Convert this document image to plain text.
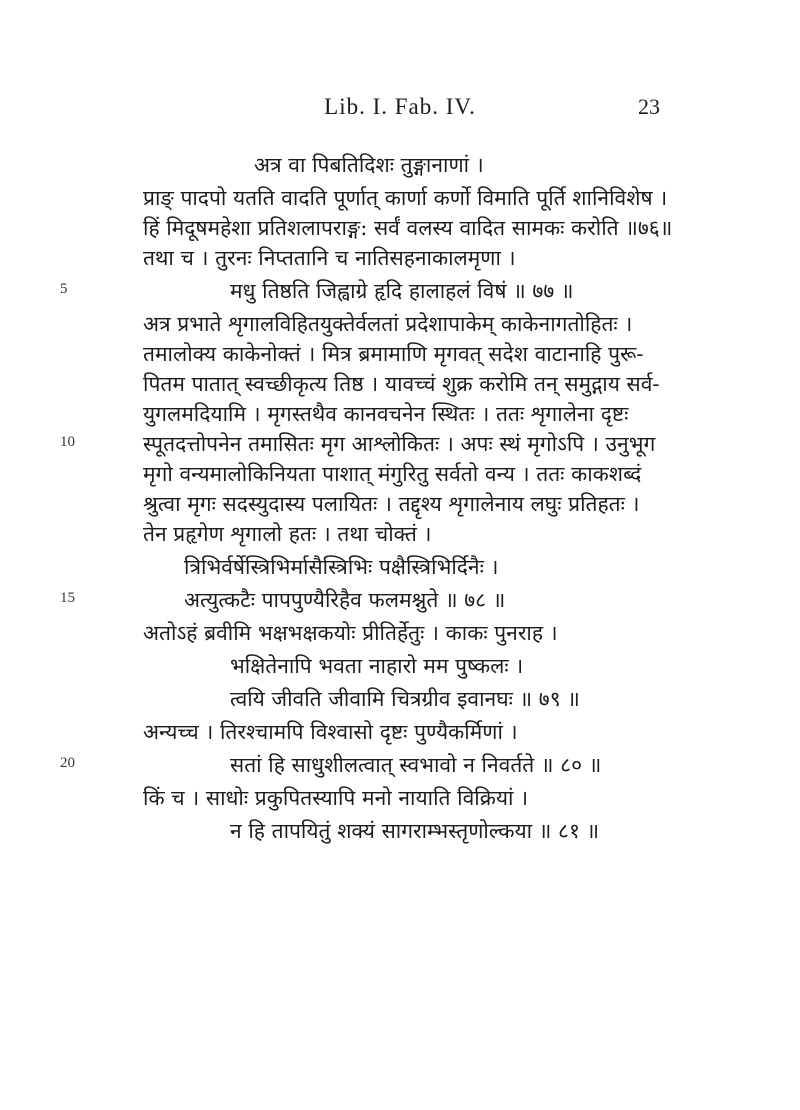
Lib. I. Fab. IV.	23
अत्र वा पिबतिदिशः तुङ्गानाणां ।
प्राङ् पादपो यतति वादति पूर्णात् कार्णा कर्णो विमाति पूर्ति शानिविशेष ।
हिं मिदूषमहेशा प्रतिशलापराङ्ग: सर्वं वलस्य वादित सामकः करोति ॥७६॥
तथा च । तुरनः निप्ततानि च नातिसहनाकालमृणा ।
5	मधु तिष्ठति जिह्वाग्रे हृदि हालाहलं विषं ॥ ७७ ॥
अत्र प्रभाते शृगालविहितयुक्तेर्वलतां प्रदेशापाकेम् काकेनागतोहितः ।
तमालोक्य काकेनोक्तं । मित्र ब्रमामाणि मृगवत् सदेश वाटानाहि पुरू-
पितम पातात् स्वच्छीकृत्य तिष्ठ । यावच्चं शुक्र करोमि तन् समुद्गाय सर्व-
युगलमदियामि । मृगस्तथैव कानवचनेन स्थितः । ततः शृगालेना दृष्टः
10	स्पूतदत्तोपनेन तमासितः मृग आश्लोकितः । अपः स्थं मृगोऽपि । उनुभूग
मृगो वन्यमालोकिनियता पाशात् मंगुरितु सर्वतो वन्य । ततः काकशब्दं
श्रुत्वा मृगः सदस्युदास्य पलायितः । तद्दृश्य शृगालेनाय लघुः प्रतिहतः ।
तेन प्रहृगेण शृगालो हतः । तथा चोक्तं ।
त्रिभिर्वर्षेस्त्रिभिर्मासैस्त्रिभिः पक्षैस्त्रिभिर्दिनैः ।
15	अत्युत्कटैः पापपुण्यैरिहैव फलमश्नुते ॥ ७८ ॥
अतोऽहं ब्रवीमि भक्षभक्षकयोः प्रीतिर्हेतुः । काकः पुनराह ।
भक्षितेनापि भवता नाहारो मम पुष्कलः ।
त्वयि जीवति जीवामि चित्रग्रीव इवानघः ॥ ७९ ॥
अन्यच्च । तिरश्चामपि विश्वासो दृष्टः पुण्यैकर्मिणां ।
20	सतां हि साधुशीलत्वात् स्वभावो न निवर्तते ॥ ८० ॥
किं च । साधोः प्रकुपितस्यापि मनो नायाति विक्रियां ।
न हि तापयितुं शक्यं सागराम्भस्तृणोल्कया ॥ ८१ ॥
